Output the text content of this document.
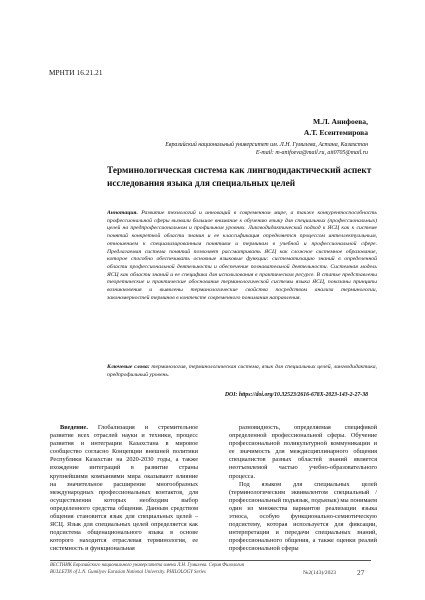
МРНТИ 16.21.21
М.Л. Анифоева,
А.Т. Есентемирова
Евразийский национальный университет им. Л.Н. Гумилева, Астана, Казахстан
E-mail: m-anifoeva@mail.ru, ait0705@mail.ru
Терминологическая система как лингводидактический аспект исследования языка для специальных целей
Аннотация. Развитие технологий и инноваций в современном мире, а также конкурентоспособность профессиональной сферы вызвали большое внимание к обучению языку для специальных (профессиональных) целей на предпрофессиональном и профильном уровнях. Лингводидактический подход к ЯСЦ как к системе понятий конкретной области знания и ее классификация определяется процессом интеллектуальным, отношением к специализированным понятиям и терминам в учебной и профессиональной сфере. Предлагаемая система понятий позволяет рассматривать ЯСЦ как сложное системное образование, которое способно обеспечивать основные языковые функции: систематизацию знаний в определенной области профессиональной деятельности и обеспечение познавательной деятельности. Системная модель ЯСЦ как области знаний и ее специфика для использования в практическом ресурсе. В статье представлены теоретические и практические обоснования терминологической системы языка ЯСЦ, показаны принципы возникновения и выявлены терминологические свойства посредством анализа терминологии, закономерностей терминов в контексте современного понимания направления.
Ключевые слова: терминология, терминологическая система, язык для специальных целей, лингводидактика, предпрофильный уровень.
DOI: https://doi.org/10.32523/2616-678X-2023-143-2-27-38

Введение. Глобализация и стремительное развитие всех отраслей науки и техники, процесс развития и интеграции Казахстана в мировое сообщество согласно Концепции внешней политики Республики Казахстан на 2020-2030 годы, а также вхождение интеграций в развитие страны крупнейшими компаниями мира оказывают влияние на значительное расширение многообразных международных профессиональных контактов, для осуществления которых необходим выбор определенного средства общения. Данным средством общения становится язык для специальных целей – ЯСЦ. Язык для специальных целей определяется как подсистема общенационального языка в основе которого находится отраслевая терминология, ее системность и функциональная

разновидность, определяемая спецификой определенной профессиональной сферы. Обучение профессиональной поликультурной коммуникации и ее значимость для междисциплинарного общения специалистов разных областей знаний является неотъемлемой частью учебно-образовательного процесса.

Под языком для специальных целей (терминологическим эквивалентом специальный / профессиональный подъязык, подъязык) мы понимаем один из множества вариантов реализации языка этноса, особую функционально-семиотическую подсистему, которая используется для фиксации, интерпретации и передачи специальных знаний, профессионального общения, а также оценки реалий профессиональной сферы

ВЕСТНИК Евразийского национального университета имени Л.Н. Гумилева. Серия Филология
BULLETIN of L.N. Gumilyov Eurasian National University. PHILOLOGY Series	№2(143)/2023	27
